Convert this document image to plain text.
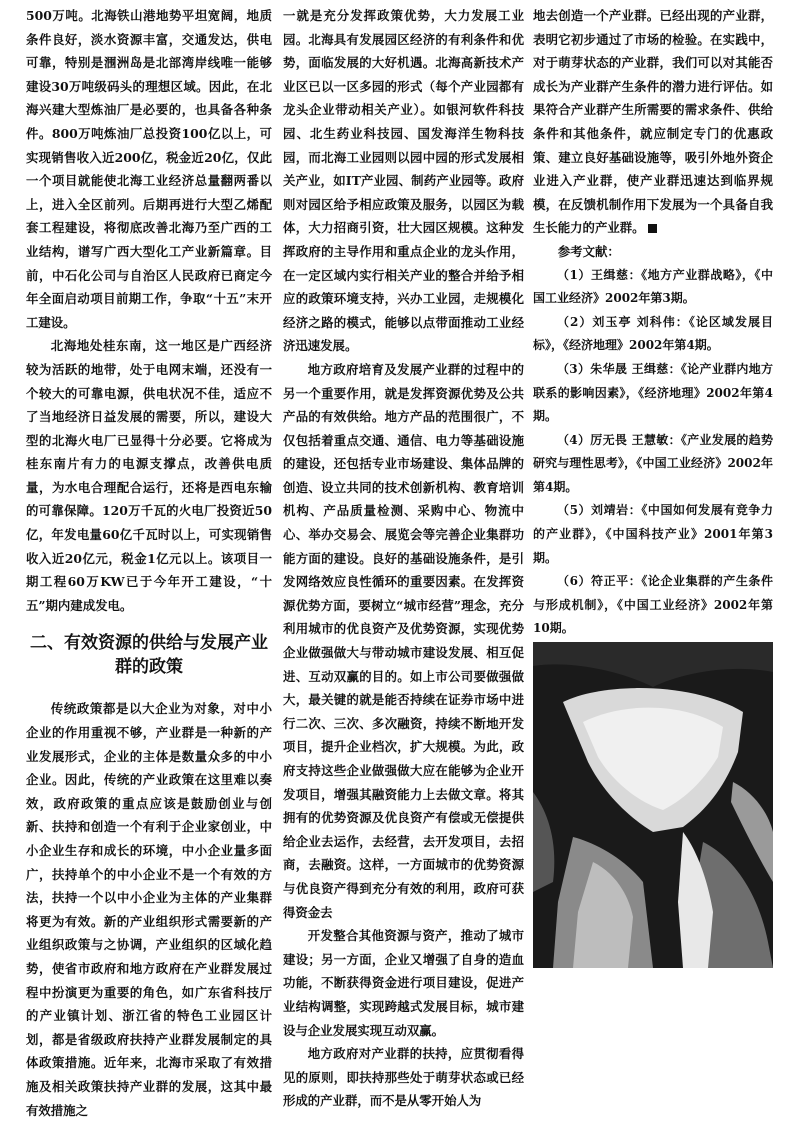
500万吨。北海铁山港地势平坦宽阔，地质条件良好，淡水资源丰富，交通发达，供电可靠，特别是涠洲岛是北部湾岸线唯一能够建设30万吨级码头的理想区域。因此，在北海兴建大型炼油厂是必要的，也具备各种条件。800万吨炼油厂总投资100亿以上，可实现销售收入近200亿，税金近20亿，仅此一个项目就能使北海工业经济总量翻两番以上，进入全区前列。后期再进行大型乙烯配套工程建设，将彻底改善北海乃至广西的工业结构，谱写广西大型化工产业新篇章。目前，中石化公司与自治区人民政府已商定今年全面启动项目前期工作，争取“十五”末开工建设。

北海地处桂东南，这一地区是广西经济较为活跃的地带，处于电网末端，还没有一个较大的可靠电源，供电状况不佳，适应不了当地经济日益发展的需要，所以，建设大型的北海火电厂已显得十分必要。它将成为桂东南片有力的电源支撑点，改善供电质量，为水电合理配合运行，还将是西电东输的可靠保障。120万千瓦的火电厂投资近50亿，年发电量60亿千瓦时以上，可实现销售收入近20亿元，税金1亿元以上。该项目一期工程60万KW已于今年开工建设，“十五”期内建成发电。

二、有效资源的供给与发展产业群的政策

传统政策都是以大企业为对象，对中小企业的作用重视不够，产业群是一种新的产业发展形式，企业的主体是数量众多的中小企业。因此，传统的产业政策在这里难以奏效，政府政策的重点应该是鼓励创业与创新、扶持和创造一个有利于企业家创业，中小企业生存和成长的环境，中小企业量多面广，扶持单个的中小企业不是一个有效的方法，扶持一个以中小企业为主体的产业集群将更为有效。新的产业组织形式需要新的产业组织政策与之协调，产业组织的区域化趋势，使省市政府和地方政府在产业群发展过程中扮演更为重要的角色，如广东省科技厅的产业镇计划、浙江省的特色工业园区计划，都是省级政府扶持产业群发展制定的具体政策措施。近年来，北海市采取了有效措施及相关政策扶持产业群的发展，这其中最有效措施之

一就是充分发挥政策优势，大力发展工业园。北海具有发展园区经济的有利条件和优势，面临发展的大好机遇。北海高新技术产业区已以一区多园的形式（每个产业园都有龙头企业带动相关产业）。如银河软件科技园、北生药业科技园、国发海洋生物科技园，而北海工业园则以园中园的形式发展相关产业，如IT产业园、制药产业园等。政府则对园区给予相应政策及服务，以园区为载体，大力招商引资，壮大园区规模。这种发挥政府的主导作用和重点企业的龙头作用，在一定区域内实行相关产业的整合并给予相应的政策环境支持，兴办工业园，走规模化经济之路的模式，能够以点带面推动工业经济迅速发展。

地方政府培育及发展产业群的过程中的另一个重要作用，就是发挥资源优势及公共产品的有效供给。地方产品的范围很广，不仅包括着重点交通、通信、电力等基础设施的建设，还包括专业市场建设、集体品牌的创造、设立共同的技术创新机构、教育培训机构、产品质量检测、采购中心、物流中心、举办交易会、展览会等完善企业集群功能方面的建设。良好的基础设施条件，是引发网络效应良性循环的重要因素。在发挥资源优势方面，要树立“城市经营”理念，充分利用城市的优良资产及优势资源，实现优势企业做强做大与带动城市建设发展、相互促进、互动双赢的目的。如上市公司要做强做大，最关键的就是能否持续在证券市场中进行二次、三次、多次融资，持续不断地开发项目，提升企业档次，扩大规模。为此，政府支持这些企业做强做大应在能够为企业开发项目，增强其融资能力上去做文章。将其拥有的优势资源及优良资产有偿或无偿提供给企业去运作，去经营，去开发项目，去招商，去融资。这样，一方面城市的优势资源与优良资产得到充分有效的利用，政府可获得资金去

开发整合其他资源与资产，推动了城市建设；另一方面，企业又增强了自身的造血功能，不断获得资金进行项目建设，促进产业结构调整，实现跨越式发展目标，城市建设与企业发展实现互动双赢。

地方政府对产业群的扶持，应贯彻看得见的原则，即扶持那些处于萌芽状态或已经形成的产业群，而不是从零开始人为

地去创造一个产业群。已经出现的产业群，表明它初步通过了市场的检验。在实践中，对于萌芽状态的产业群，我们可以对其能否成长为产业群产生条件的潜力进行评估。如果符合产业群产生所需要的需求条件、供给条件和其他条件，就应制定专门的优惠政策、建立良好基础设施等，吸引外地外资企业进入产业群，使产业群迅速达到临界规模，在反馈机制作用下发展为一个具备自我生长能力的产业群。

参考文献：

（1）王缉慈：《地方产业群战略》，《中国工业经济》2002年第3期。

（2）刘玉亭 刘科伟：《论区域发展目标》，《经济地理》2002年第4期。

（3）朱华晟 王缉慈：《论产业群内地方联系的影响因素》，《经济地理》2002年第4期。

（4）厉无畏 王慧敏：《产业发展的趋势研究与理性思考》，《中国工业经济》2002年第4期。

（5）刘靖岩：《中国如何发展有竞争力的产业群》，《中国科技产业》2001年第3期。

（6）符正平：《论企业集群的产生条件与形成机制》，《中国工业经济》2002年第10期。
